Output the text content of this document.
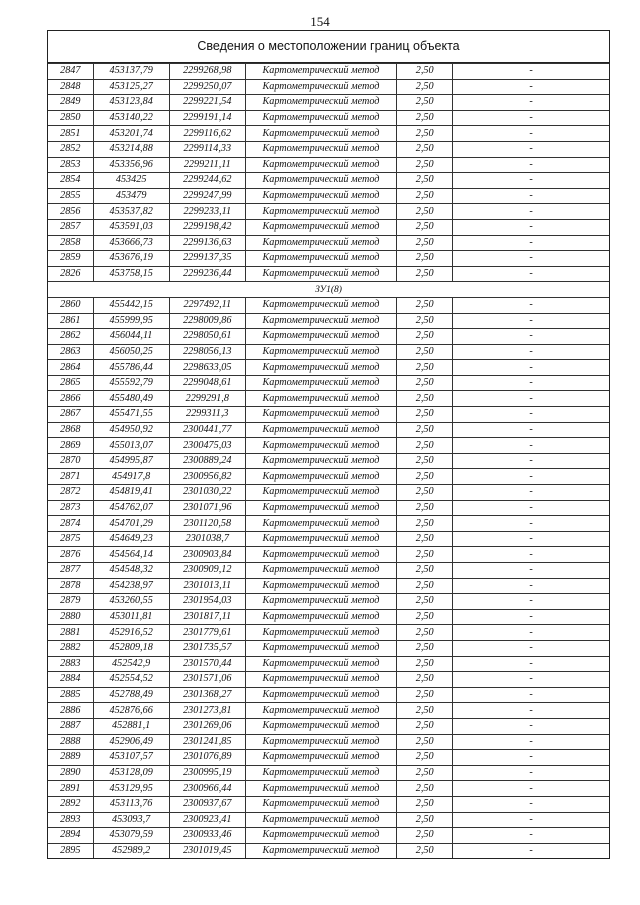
154
Сведения о местоположении границ объекта
2847	453137,79	2299268,98	Картометрический метод	2,50	-
2848	453125,27	2299250,07	Картометрический метод	2,50	-
2849	453123,84	2299221,54	Картометрический метод	2,50	-
2850	453140,22	2299191,14	Картометрический метод	2,50	-
2851	453201,74	2299116,62	Картометрический метод	2,50	-
2852	453214,88	2299114,33	Картометрический метод	2,50	-
2853	453356,96	2299211,11	Картометрический метод	2,50	-
2854	453425	2299244,62	Картометрический метод	2,50	-
2855	453479	2299247,99	Картометрический метод	2,50	-
2856	453537,82	2299233,11	Картометрический метод	2,50	-
2857	453591,03	2299198,42	Картометрический метод	2,50	-
2858	453666,73	2299136,63	Картометрический метод	2,50	-
2859	453676,19	2299137,35	Картометрический метод	2,50	-
2826	453758,15	2299236,44	Картометрический метод	2,50	-
ЗУ1(8)					
2860	455442,15	2297492,11	Картометрический метод	2,50	-
2861	455999,95	2298009,86	Картометрический метод	2,50	-
2862	456044,11	2298050,61	Картометрический метод	2,50	-
2863	456050,25	2298056,13	Картометрический метод	2,50	-
2864	455786,44	2298633,05	Картометрический метод	2,50	-
2865	455592,79	2299048,61	Картометрический метод	2,50	-
2866	455480,49	2299291,8	Картометрический метод	2,50	-
2867	455471,55	2299311,3	Картометрический метод	2,50	-
2868	454950,92	2300441,77	Картометрический метод	2,50	-
2869	455013,07	2300475,03	Картометрический метод	2,50	-
2870	454995,87	2300889,24	Картометрический метод	2,50	-
2871	454917,8	2300956,82	Картометрический метод	2,50	-
2872	454819,41	2301030,22	Картометрический метод	2,50	-
2873	454762,07	2301071,96	Картометрический метод	2,50	-
2874	454701,29	2301120,58	Картометрический метод	2,50	-
2875	454649,23	2301038,7	Картометрический метод	2,50	-
2876	454564,14	2300903,84	Картометрический метод	2,50	-
2877	454548,32	2300909,12	Картометрический метод	2,50	-
2878	454238,97	2301013,11	Картометрический метод	2,50	-
2879	453260,55	2301954,03	Картометрический метод	2,50	-
2880	453011,81	2301817,11	Картометрический метод	2,50	-
2881	452916,52	2301779,61	Картометрический метод	2,50	-
2882	452809,18	2301735,57	Картометрический метод	2,50	-
2883	452542,9	2301570,44	Картометрический метод	2,50	-
2884	452554,52	2301571,06	Картометрический метод	2,50	-
2885	452788,49	2301368,27	Картометрический метод	2,50	-
2886	452876,66	2301273,81	Картометрический метод	2,50	-
2887	452881,1	2301269,06	Картометрический метод	2,50	-
2888	452906,49	2301241,85	Картометрический метод	2,50	-
2889	453107,57	2301076,89	Картометрический метод	2,50	-
2890	453128,09	2300995,19	Картометрический метод	2,50	-
2891	453129,95	2300966,44	Картометрический метод	2,50	-
2892	453113,76	2300937,67	Картометрический метод	2,50	-
2893	453093,7	2300923,41	Картометрический метод	2,50	-
2894	453079,59	2300933,46	Картометрический метод	2,50	-
2895	452989,2	2301019,45	Картометрический метод	2,50	-
